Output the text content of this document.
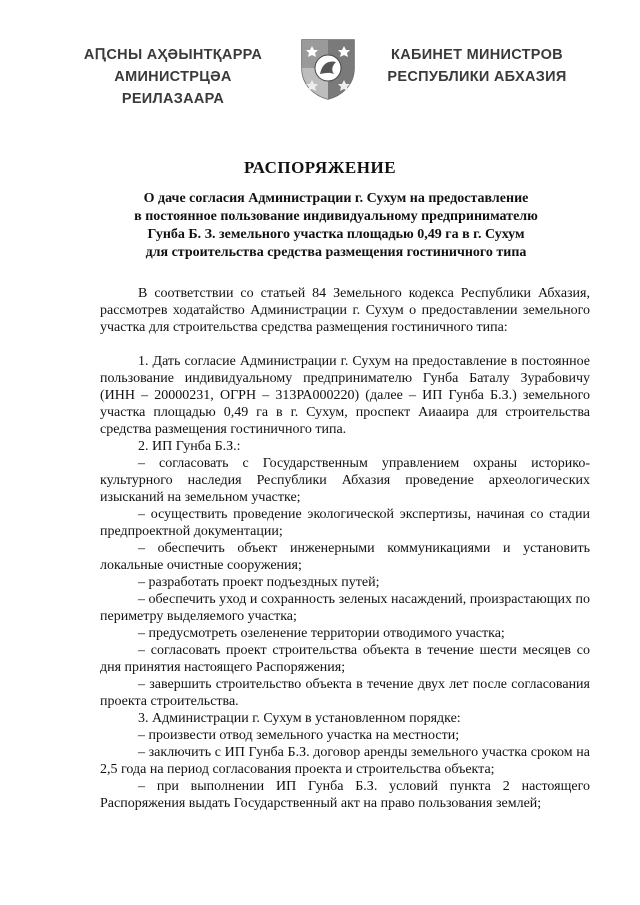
АԤСНЫ АҲӘЫНТҚАРРА
АМИНИСТРЦӘА РЕИЛАЗААРА
КАБИНЕТ МИНИСТРОВ
РЕСПУБЛИКИ АБХАЗИЯ
РАСПОРЯЖЕНИЕ
О даче согласия Администрации г. Сухум на предоставление
в постоянное пользование индивидуальному предпринимателю
Гунба Б. З. земельного участка площадью 0,49 га в г. Сухум
для строительства средства размещения гостиничного типа

В соответствии со статьей 84 Земельного кодекса Республики Абхазия, рассмотрев ходатайство Администрации г. Сухум о предоставлении земельного участка для строительства средства размещения гостиничного типа:

1. Дать согласие Администрации г. Сухум на предоставление в постоянное пользование индивидуальному предпринимателю Гунба Баталу Зурабовичу (ИНН – 20000231, ОГРН – 313РА000220) (далее – ИП Гунба Б.З.) земельного участка площадью 0,49 га в г. Сухум, проспект Аиааира для строительства средства размещения гостиничного типа.

2. ИП Гунба Б.З.:

– согласовать с Государственным управлением охраны историко-культурного наследия Республики Абхазия проведение археологических изысканий на земельном участке;

– осуществить проведение экологической экспертизы, начиная со стадии предпроектной документации;

– обеспечить объект инженерными коммуникациями и установить локальные очистные сооружения;

– разработать проект подъездных путей;

– обеспечить уход и сохранность зеленых насаждений, произрастающих по периметру выделяемого участка;

– предусмотреть озеленение территории отводимого участка;

– согласовать проект строительства объекта в течение шести месяцев со дня принятия настоящего Распоряжения;

– завершить строительство объекта в течение двух лет после согласования проекта строительства.

3. Администрации г. Сухум в установленном порядке:

– произвести отвод земельного участка на местности;

– заключить с ИП Гунба Б.З. договор аренды земельного участка сроком на 2,5 года на период согласования проекта и строительства объекта;

– при выполнении ИП Гунба Б.З. условий пункта 2 настоящего Распоряжения выдать Государственный акт на право пользования землей;
